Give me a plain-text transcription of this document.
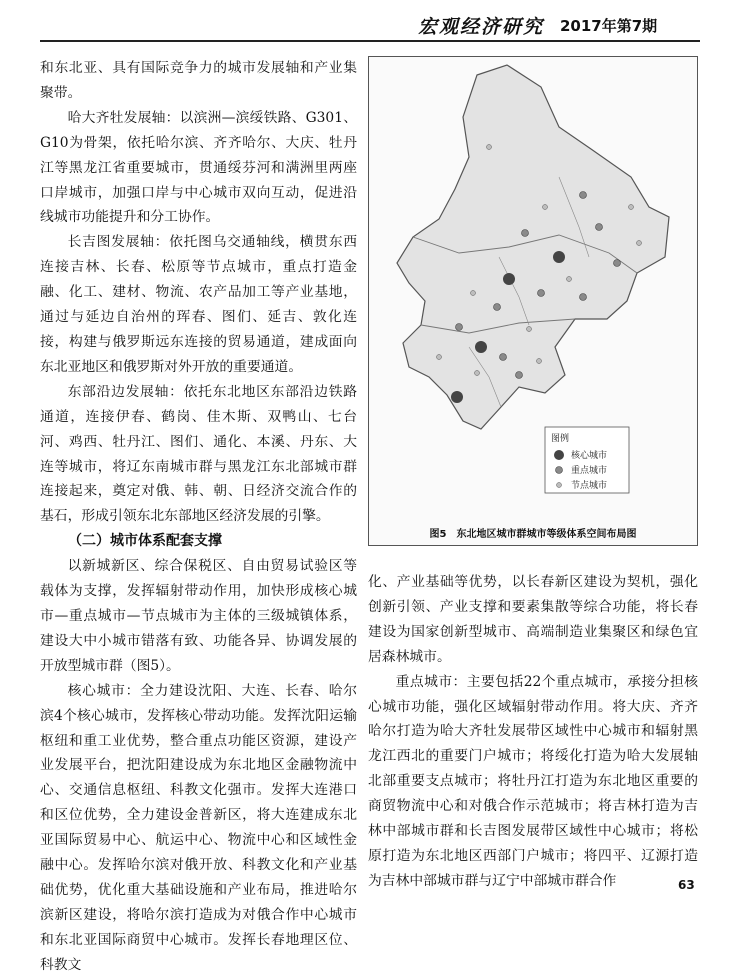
宏观经济研究 2017年第7期

和东北亚、具有国际竞争力的城市发展轴和产业集聚带。

哈大齐牡发展轴：以滨洲—滨绥铁路、G301、G10为骨架，依托哈尔滨、齐齐哈尔、大庆、牡丹江等黑龙江省重要城市，贯通绥芬河和满洲里两座口岸城市，加强口岸与中心城市双向互动，促进沿线城市功能提升和分工协作。

长吉图发展轴：依托图乌交通轴线，横贯东西连接吉林、长春、松原等节点城市，重点打造金融、化工、建材、物流、农产品加工等产业基地，通过与延边自治州的珲春、图们、延吉、敦化连接，构建与俄罗斯远东连接的贸易通道，建成面向东北亚地区和俄罗斯对外开放的重要通道。

东部沿边发展轴：依托东北地区东部沿边铁路通道，连接伊春、鹤岗、佳木斯、双鸭山、七台河、鸡西、牡丹江、图们、通化、本溪、丹东、大连等城市，将辽东南城市群与黑龙江东北部城市群连接起来，奠定对俄、韩、朝、日经济交流合作的基石，形成引领东北东部地区经济发展的引擎。

（二）城市体系配套支撑

以新城新区、综合保税区、自由贸易试验区等载体为支撑，发挥辐射带动作用，加快形成核心城市—重点城市—节点城市为主体的三级城镇体系，建设大中小城市错落有致、功能各异、协调发展的开放型城市群（图5）。

核心城市：全力建设沈阳、大连、长春、哈尔滨4个核心城市，发挥核心带动功能。发挥沈阳运输枢纽和重工业优势，整合重点功能区资源，建设产业发展平台，把沈阳建设成为东北地区金融物流中心、交通信息枢纽、科教文化强市。发挥大连港口和区位优势，全力建设金普新区，将大连建成东北亚国际贸易中心、航运中心、物流中心和区域性金融中心。发挥哈尔滨对俄开放、科教文化和产业基础优势，优化重大基础设施和产业布局，推进哈尔滨新区建设，将哈尔滨打造成为对俄合作中心城市和东北亚国际商贸中心城市。发挥长春地理区位、科教文

图例
核心城市
重点城市
节点城市
图5　东北地区城市群城市等级体系空间布局图

化、产业基础等优势，以长春新区建设为契机，强化创新引领、产业支撑和要素集散等综合功能，将长春建设为国家创新型城市、高端制造业集聚区和绿色宜居森林城市。

重点城市：主要包括22个重点城市，承接分担核心城市功能，强化区域辐射带动作用。将大庆、齐齐哈尔打造为哈大齐牡发展带区域性中心城市和辐射黑龙江西北的重要门户城市；将绥化打造为哈大发展轴北部重要支点城市；将牡丹江打造为东北地区重要的商贸物流中心和对俄合作示范城市；将吉林打造为吉林中部城市群和长吉图发展带区域性中心城市；将松原打造为东北地区西部门户城市；将四平、辽源打造为吉林中部城市群与辽宁中部城市群合作	63
